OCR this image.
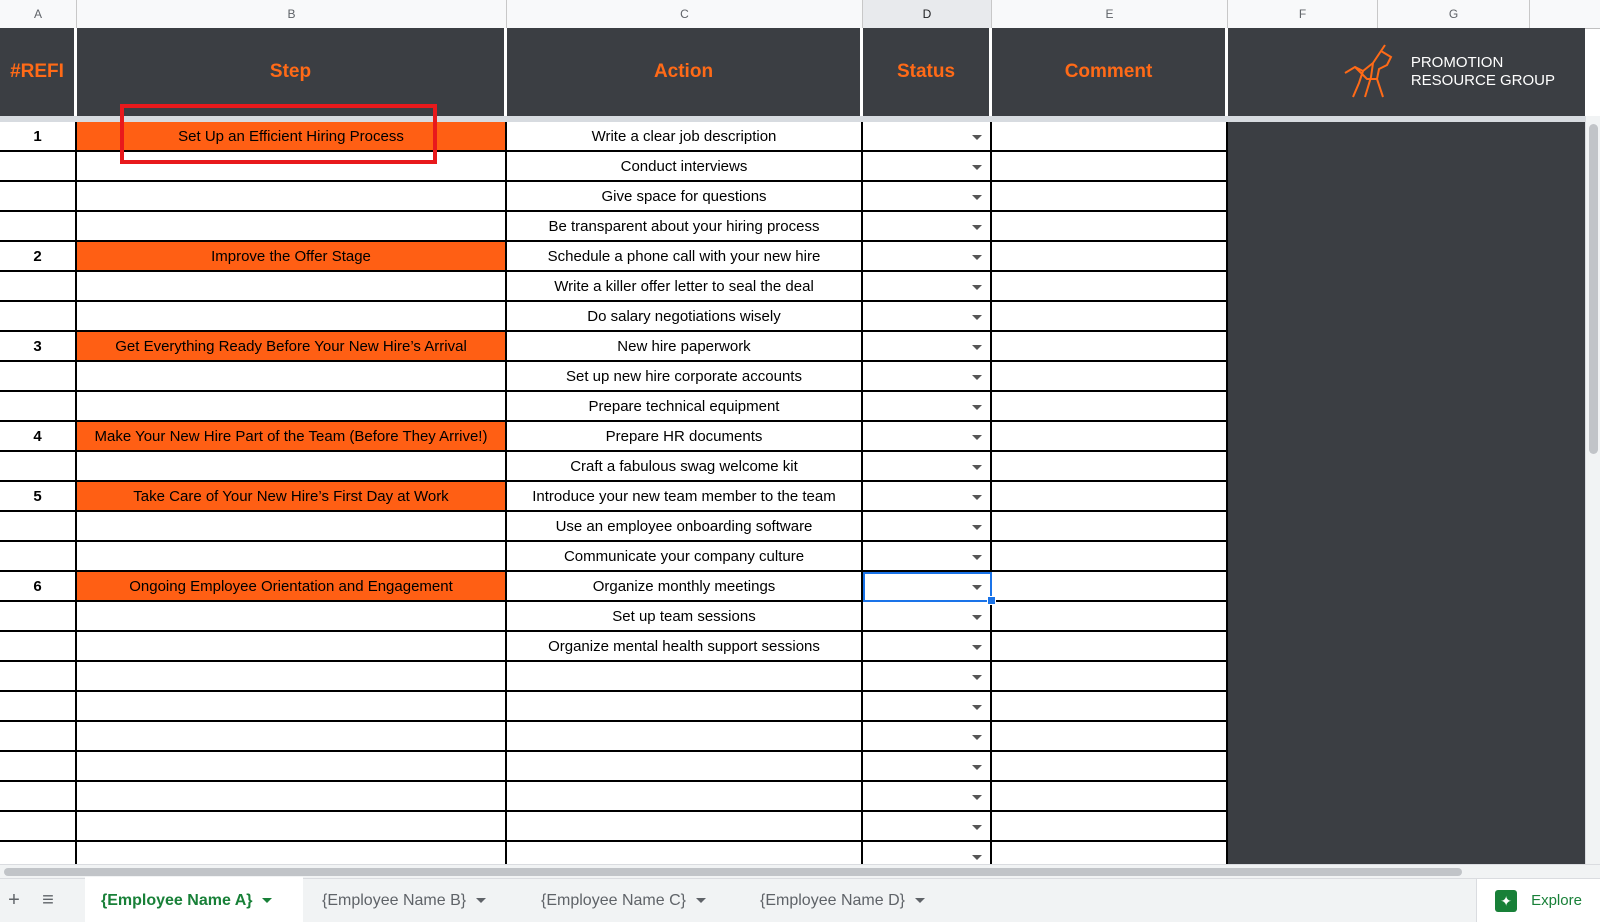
A	B	C	D	E	F	G
#REFI	Step	Action	Status	Comment	PROMOTION
RESOURCE GROUP
1	Set Up an Efficient Hiring Process	Write a clear job description
Conduct interviews
Give space for questions
Be transparent about your hiring process
2	Improve the Offer Stage	Schedule a phone call with your new hire
Write a killer offer letter to seal the deal
Do salary negotiations wisely
3	Get Everything Ready Before Your New Hire’s Arrival	New hire paperwork
Set up new hire corporate accounts
Prepare technical equipment
4	Make Your New Hire Part of the Team (Before They Arrive!)	Prepare HR documents
Craft a fabulous swag welcome kit
5	Take Care of Your New Hire’s First Day at Work	Introduce your new team member to the team
Use an employee onboarding software
Communicate your company culture
6	Ongoing Employee Orientation and Engagement	Organize monthly meetings
Set up team sessions
Organize mental health support sessions
+	≡	{Employee Name A}	{Employee Name B}	{Employee Name C}	{Employee Name D}
✦	Explore
